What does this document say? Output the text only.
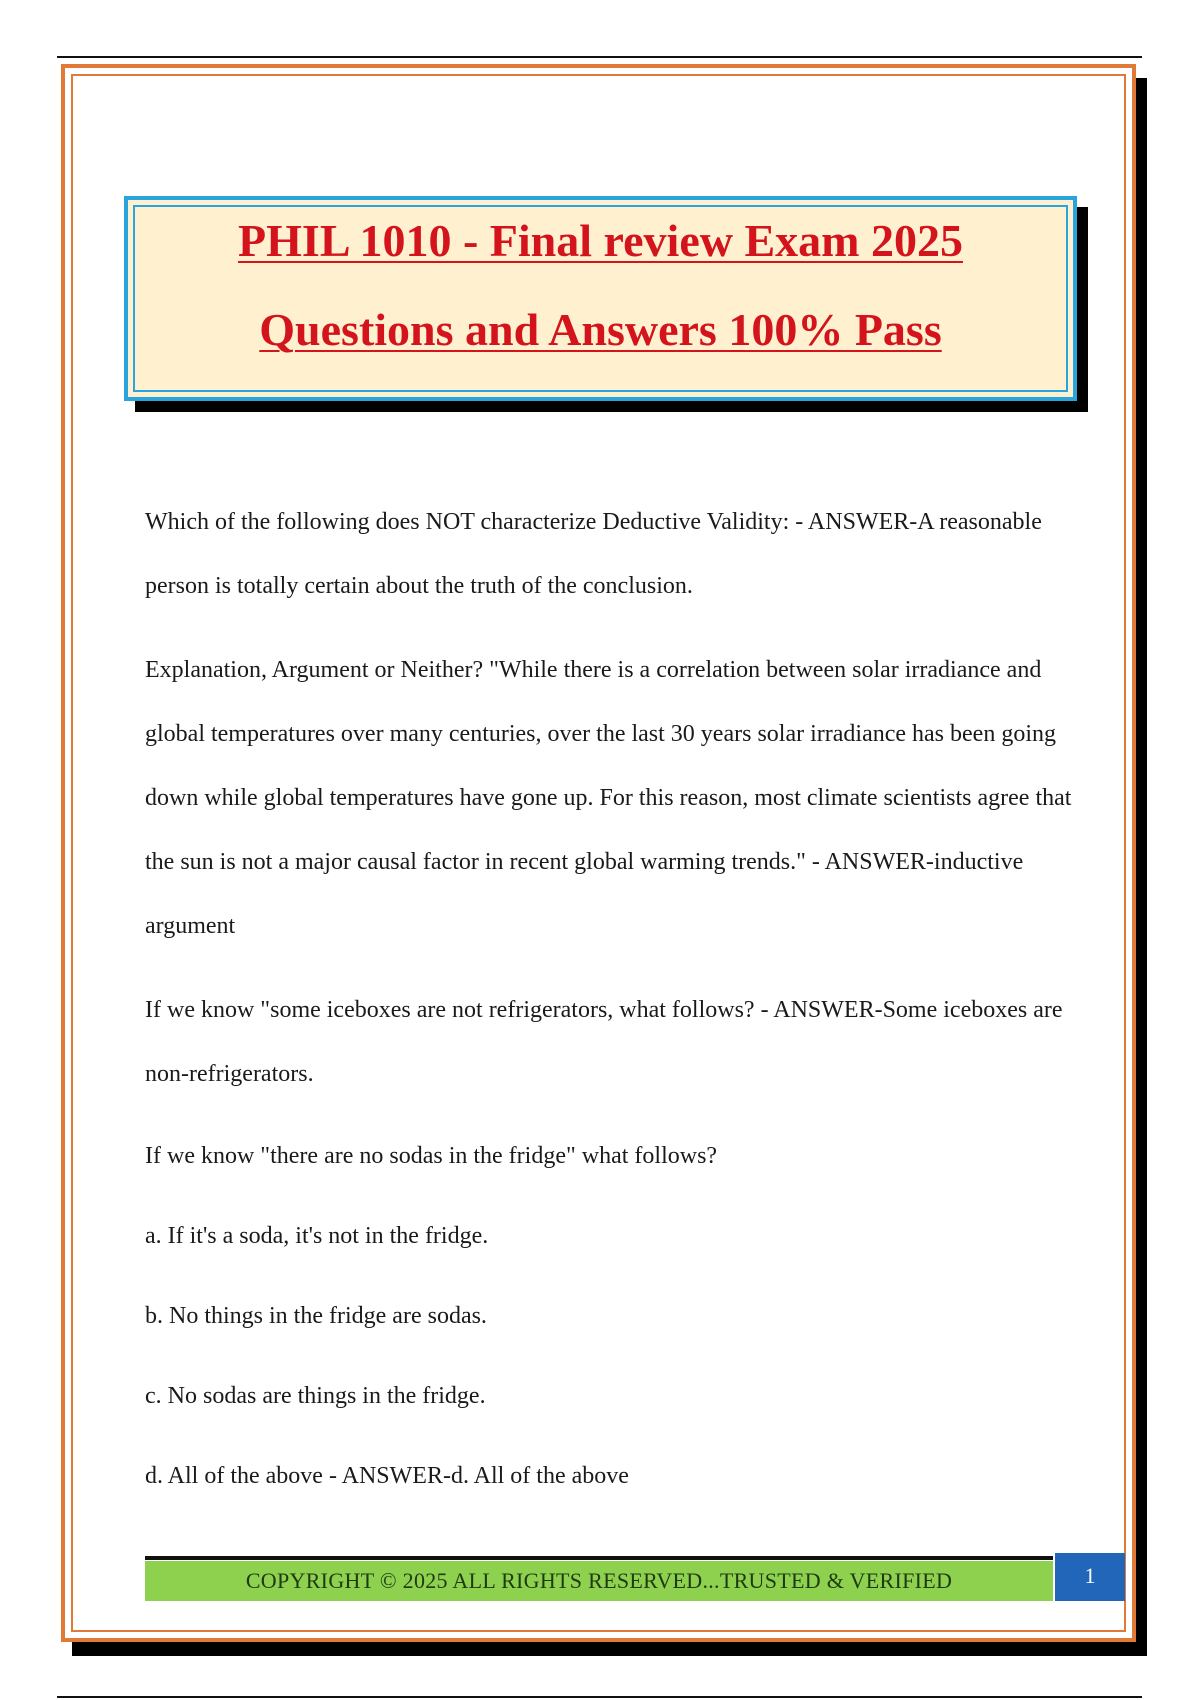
PHIL 1010 - Final review Exam 2025
Questions and Answers 100% Pass

Which of the following does NOT characterize Deductive Validity: - ANSWER-A reasonable person is totally certain about the truth of the conclusion.

Explanation, Argument or Neither? "While there is a correlation between solar irradiance and global temperatures over many centuries, over the last 30 years solar irradiance has been going down while global temperatures have gone up. For this reason, most climate scientists agree that the sun is not a major causal factor in recent global warming trends." - ANSWER-inductive argument

If we know "some iceboxes are not refrigerators, what follows? - ANSWER-Some iceboxes are non-refrigerators.

If we know "there are no sodas in the fridge" what follows?

a. If it's a soda, it's not in the fridge.

b. No things in the fridge are sodas.

c. No sodas are things in the fridge.

d. All of the above - ANSWER-d. All of the above

COPYRIGHT © 2025 ALL RIGHTS RESERVED...TRUSTED & VERIFIED	1
